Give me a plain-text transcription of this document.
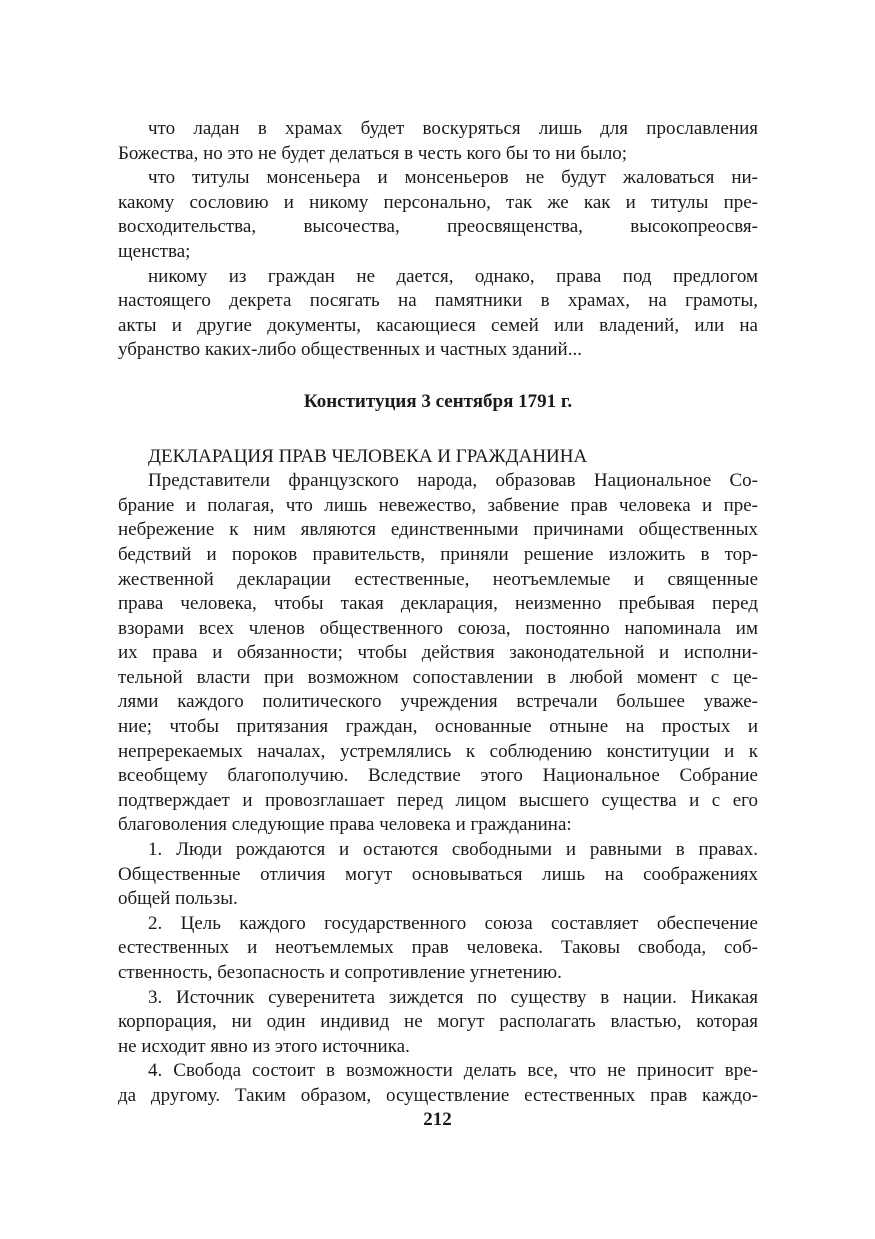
что ладан в храмах будет воскуряться лишь для прославления
Божества, но это не будет делаться в честь кого бы то ни было;
что титулы монсеньера и монсеньеров не будут жаловаться ни-
какому сословию и никому персонально, так же как и титулы пре-
восходительства, высочества, преосвященства, высокопреосвя-
щенства;
никому из граждан не дается, однако, права под предлогом
настоящего декрета посягать на памятники в храмах, на грамоты,
акты и другие документы, касающиеся семей или владений, или на
убранство каких-либо общественных и частных зданий...
Конституция 3 сентября 1791 г.
ДЕКЛАРАЦИЯ ПРАВ ЧЕЛОВЕКА И ГРАЖДАНИНА
Представители французского народа, образовав Национальное Со-
брание и полагая, что лишь невежество, забвение прав человека и пре-
небрежение к ним являются единственными причинами общественных
бедствий и пороков правительств, приняли решение изложить в тор-
жественной декларации естественные, неотъемлемые и священные
права человека, чтобы такая декларация, неизменно пребывая перед
взорами всех членов общественного союза, постоянно напоминала им
их права и обязанности; чтобы действия законодательной и исполни-
тельной власти при возможном сопоставлении в любой момент с це-
лями каждого политического учреждения встречали большее уваже-
ние; чтобы притязания граждан, основанные отныне на простых и
непререкаемых началах, устремлялись к соблюдению конституции и к
всеобщему благополучию. Вследствие этого Национальное Собрание
подтверждает и провозглашает перед лицом высшего существа и с его
благоволения следующие права человека и гражданина:
1. Люди рождаются и остаются свободными и равными в правах.
Общественные отличия могут основываться лишь на соображениях
общей пользы.
2. Цель каждого государственного союза составляет обеспечение
естественных и неотъемлемых прав человека. Таковы свобода, соб-
ственность, безопасность и сопротивление угнетению.
3. Источник суверенитета зиждется по существу в нации. Никакая
корпорация, ни один индивид не могут располагать властью, которая
не исходит явно из этого источника.
4. Свобода состоит в возможности делать все, что не приносит вре-
да другому. Таким образом, осуществление естественных прав каждо-
212
